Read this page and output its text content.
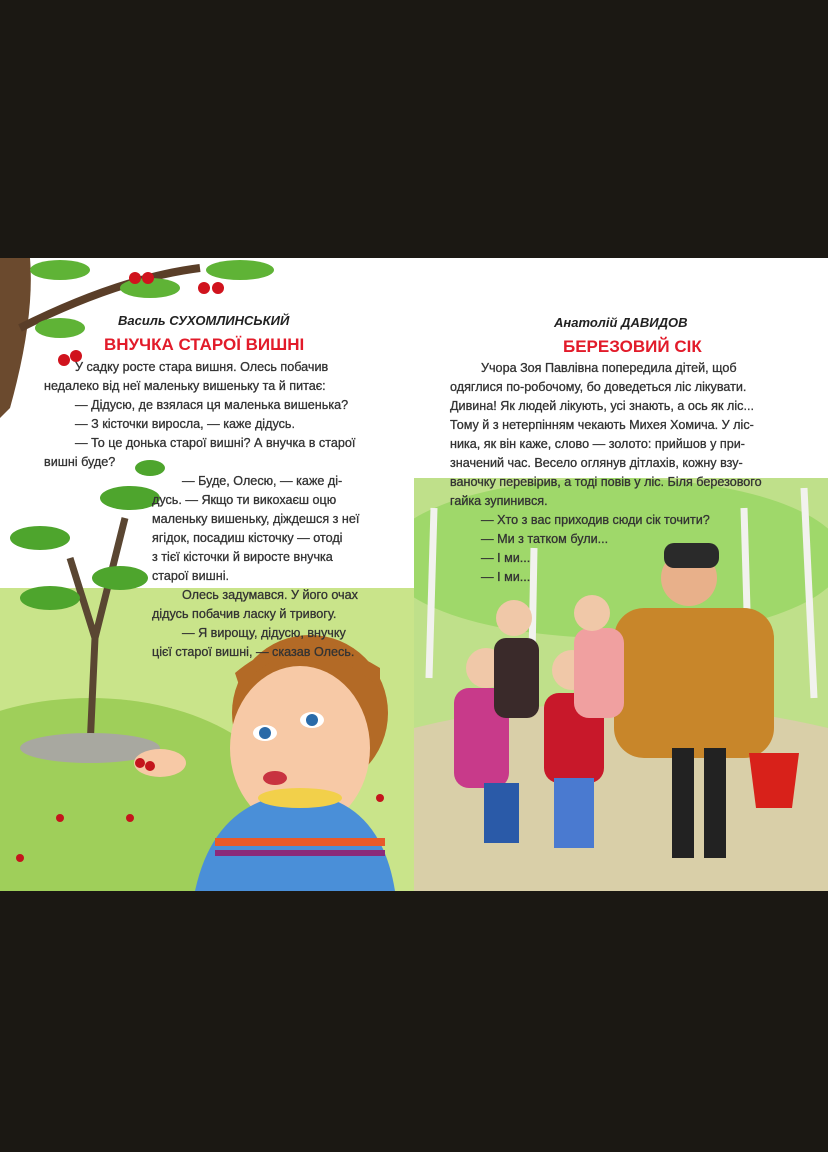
Василь СУХОМЛИНСЬКИЙ
ВНУЧКА СТАРОЇ ВИШНІ
У садку росте стара вишня. Олесь побачив
недалеко від неї маленьку вишеньку та й питає:
— Дідусю, де взялася ця маленька вишенька?
— З кісточки виросла, — каже дідусь.
— То це донька старої вишні? А внучка в старої
вишні буде?
— Буде, Олесю, — каже ді-
дусь. — Якщо ти викохаєш оцю
маленьку вишеньку, діждешся з неї
ягідок, посадиш кісточку — отоді
з тієї кісточки й виросте внучка
старої вишні.
Олесь задумався. У його очах
дідусь побачив ласку й тривогу.
— Я вирощу, дідусю, внучку
цієї старої вишні, — сказав Олесь.
Анатолій ДАВИДОВ
БЕРЕЗОВИЙ СІК
Учора Зоя Павлівна попередила дітей, щоб
одяглися по-робочому, бо доведеться ліс лікувати.
Дивина! Як людей лікують, усі знають, а ось як ліс...
Тому й з нетерпінням чекають Михея Хомича. У ліс-
ника, як він каже, слово — золото: прийшов у при-
значений час. Весело оглянув дітлахів, кожну взу-
ваночку перевірив, а тоді повів у ліс. Біля березового
гайка зупинився.
— Хто з вас приходив сюди сік точити?
— Ми з татком були...
— І ми...
— І ми...
